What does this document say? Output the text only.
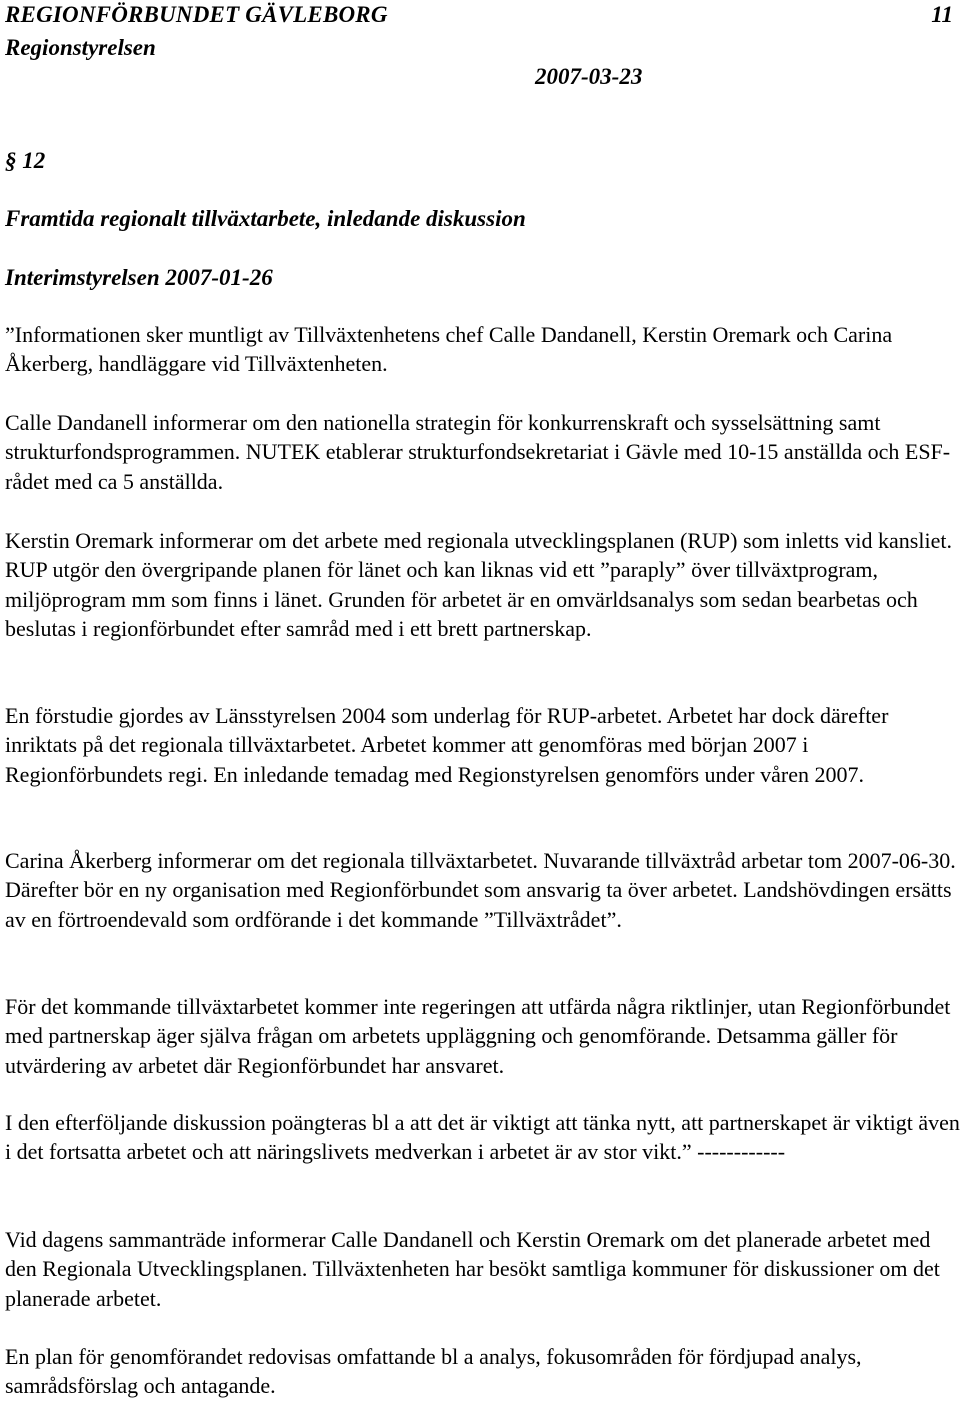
REGIONFÖRBUNDET GÄVLEBORG	11
Regionstyrelsen
2007-03-23
§ 12
Framtida regionalt tillväxtarbete, inledande diskussion
Interimstyrelsen 2007-01-26

”Informationen sker muntligt av Tillväxtenhetens chef Calle Dandanell, Kerstin Oremark och Carina Åkerberg, handläggare vid Tillväxtenheten.

Calle Dandanell informerar om den nationella strategin för konkurrenskraft och sysselsättning samt strukturfondsprogrammen. NUTEK etablerar strukturfondsekretariat i Gävle med 10-15 anställda och ESF-rådet med ca 5 anställda.

Kerstin Oremark informerar om det arbete med regionala utvecklingsplanen (RUP) som inletts vid kansliet. RUP utgör den övergripande planen för länet och kan liknas vid ett ”paraply” över tillväxtprogram, miljöprogram mm som finns i länet. Grunden för arbetet är en omvärldsanalys som sedan bearbetas och beslutas i regionförbundet efter samråd med i ett brett partnerskap.

En förstudie gjordes av Länsstyrelsen 2004 som underlag för RUP-arbetet. Arbetet har dock därefter inriktats på det regionala tillväxtarbetet. Arbetet kommer att genomföras med början 2007 i Regionförbundets regi. En inledande temadag med Regionstyrelsen genomförs under våren 2007.

Carina Åkerberg informerar om det regionala tillväxtarbetet. Nuvarande tillväxtråd arbetar tom 2007-06-30. Därefter bör en ny organisation med Regionförbundet som ansvarig ta över arbetet. Landshövdingen ersätts av en förtroendevald som ordförande i det kommande ”Tillväxtrådet”.

För det kommande tillväxtarbetet kommer inte regeringen att utfärda några riktlinjer, utan Regionförbundet med partnerskap äger själva frågan om arbetets uppläggning och genomförande. Detsamma gäller för utvärdering av arbetet där Regionförbundet har ansvaret.

I den efterföljande diskussion poängteras bl a att det är viktigt att tänka nytt, att partnerskapet är viktigt även i det fortsatta arbetet och att näringslivets medverkan i arbetet är av stor vikt.” ------------

Vid dagens sammanträde informerar Calle Dandanell och Kerstin Oremark om det planerade arbetet med den Regionala Utvecklingsplanen. Tillväxtenheten har besökt samtliga kommuner för diskussioner om det planerade arbetet.

En plan för genomförandet redovisas omfattande bl a analys, fokusområden för fördjupad analys, samrådsförslag och antagande.
